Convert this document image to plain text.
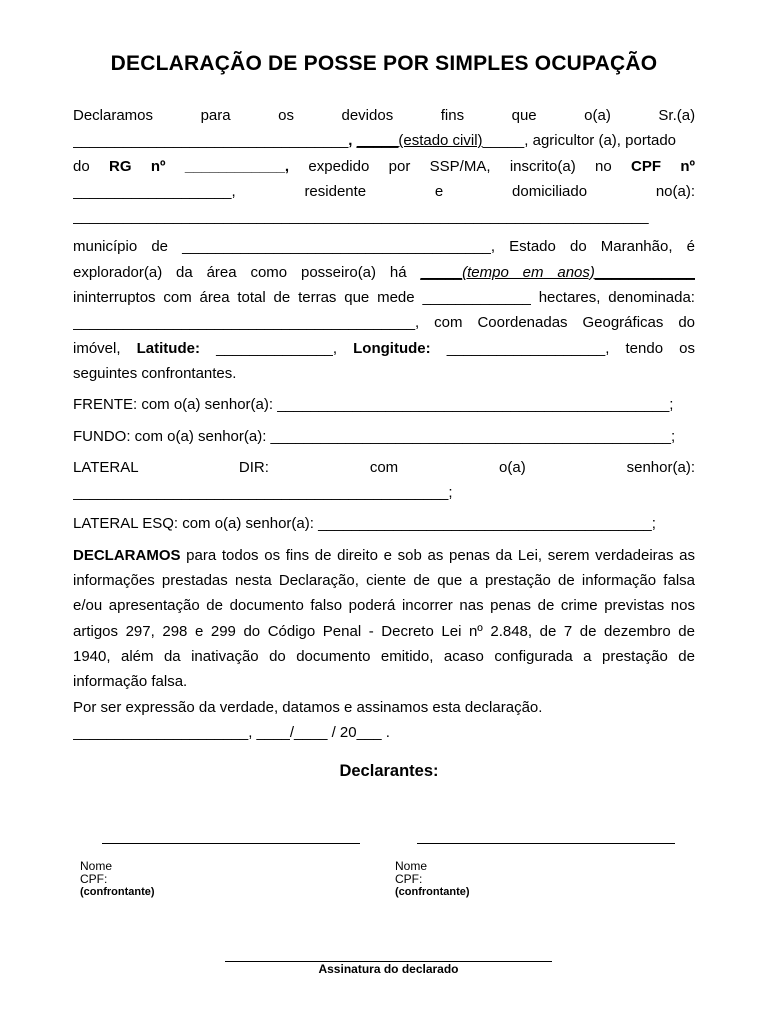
DECLARAÇÃO DE POSSE POR SIMPLES OCUPAÇÃO
Declaramos	para	os	devidos	fins	que	o(a)	Sr.(a)
_________________________________, _____(estado civil)_____, agricultor (a), portado
do RG nº ____________, expedido por SSP/MA, inscrito(a) no CPF nº
___________________,	residente	e	domiciliado	no(a):
_____________________________________________________________________
município de _____________________________________, Estado do Maranhão, é
explorador(a) da área como posseiro(a) há _____(tempo em anos)____________
ininterruptos com área total de terras que mede _____________ hectares, denominada:
_________________________________________, com Coordenadas Geográficas do
imóvel, Latitude: ______________, Longitude: ___________________, tendo os
seguintes confrontantes.
FRENTE: com o(a) senhor(a): _______________________________________________;
FUNDO: com o(a) senhor(a): ________________________________________________;
LATERAL	DIR:	com	o(a)	senhor(a):
_____________________________________________;
LATERAL ESQ: com o(a) senhor(a): ________________________________________;
DECLARAMOS para todos os fins de direito e sob as penas da Lei, serem verdadeiras as
informações prestadas nesta Declaração, ciente de que a prestação de informação falsa
e/ou apresentação de documento falso poderá incorrer nas penas de crime previstas nos
artigos 297, 298 e 299 do Código Penal - Decreto Lei nº 2.848, de 7 de dezembro de
1940, além da inativação do documento emitido, acaso configurada a prestação de
informação falsa.
Por ser expressão da verdade, datamos e assinamos esta declaração.
_____________________, ____/____ / 20___ .
Declarantes:
Nome
CPF:
(confrontante)
Nome
CPF:
(confrontante)
Assinatura do declarado
